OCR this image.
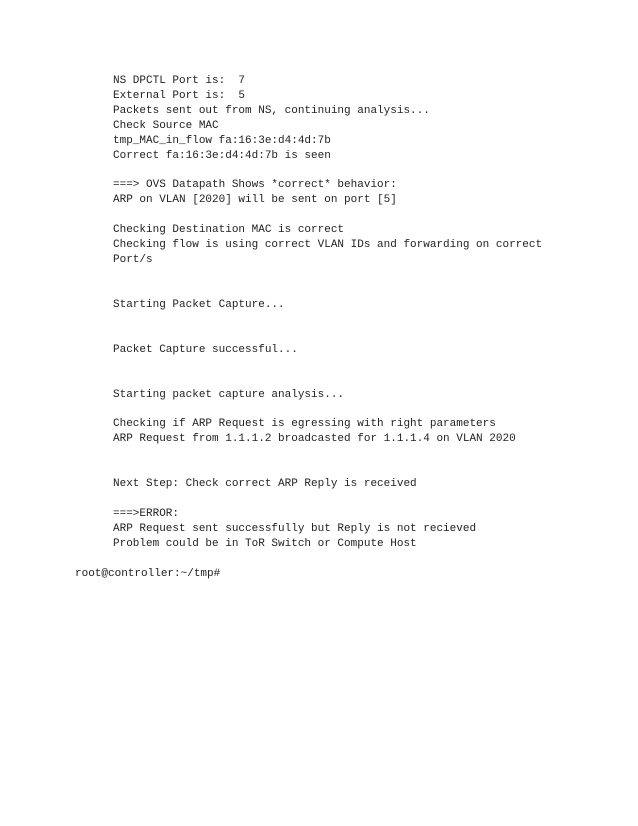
NS DPCTL Port is:  7
External Port is:  5
Packets sent out from NS, continuing analysis...
Check Source MAC
tmp_MAC_in_flow fa:16:3e:d4:4d:7b
Correct fa:16:3e:d4:4d:7b is seen
===> OVS Datapath Shows *correct* behavior:
ARP on VLAN [2020] will be sent on port [5]
Checking Destination MAC is correct
Checking flow is using correct VLAN IDs and forwarding on correct
Port/s
Starting Packet Capture...
Packet Capture successful...
Starting packet capture analysis...
Checking if ARP Request is egressing with right parameters
ARP Request from 1.1.1.2 broadcasted for 1.1.1.4 on VLAN 2020
Next Step: Check correct ARP Reply is received
===>ERROR:
ARP Request sent successfully but Reply is not recieved
Problem could be in ToR Switch or Compute Host
root@controller:~/tmp#
